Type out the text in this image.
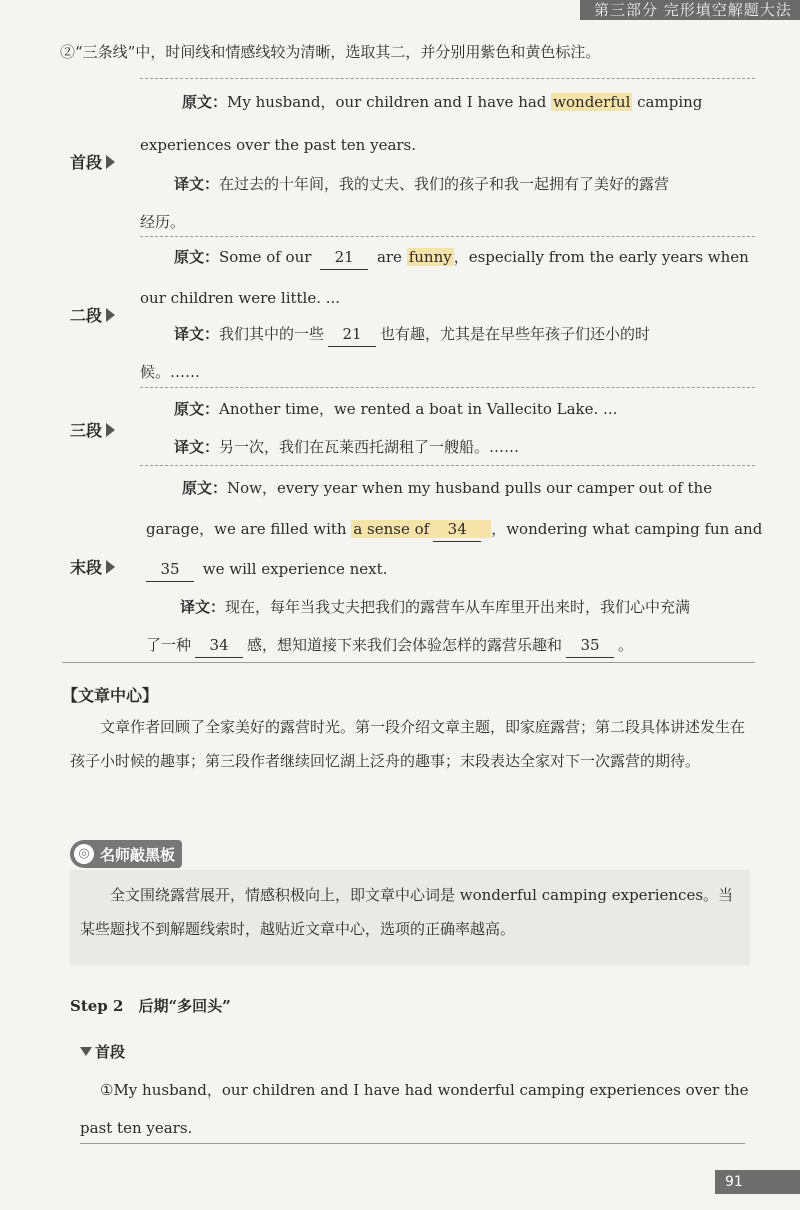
第三部分 完形填空解题大法
②“三条线”中，时间线和情感线较为清晰，选取其二，并分别用紫色和黄色标注。
首段
原文：My husband，our children and I have had wonderful camping
experiences over the past ten years.
译文：在过去的十年间，我的丈夫、我们的孩子和我一起拥有了美好的露营
经历。
二段
原文：Some of our 21 are funny ，especially from the early years when
our children were little. ...
译文：我们其中的一些 21 也有趣，尤其是在早些年孩子们还小的时
候。……
三段
原文：Another time，we rented a boat in Vallecito Lake. ...
译文：另一次，我们在瓦莱西托湖租了一艘船。……
末段
原文：Now，every year when my husband pulls our camper out of the
garage，we are filled with a sense of 34 ，wondering what camping fun and
35 we will experience next.
译文：现在，每年当我丈夫把我们的露营车从车库里开出来时，我们心中充满
了一种 34 感，想知道接下来我们会体验怎样的露营乐趣和 35 。
【文章中心】
文章作者回顾了全家美好的露营时光。第一段介绍文章主题，即家庭露营；第二段具体讲述发生在孩子小时候的趣事；第三段作者继续回忆湖上泛舟的趣事；末段表达全家对下一次露营的期待。
◎ 名师敲黑板
全文围绕露营展开，情感积极向上，即文章中心词是 wonderful camping experiences。当某些题找不到解题线索时，越贴近文章中心，选项的正确率越高。
Step 2　后期“多回头”
首段
①My husband，our children and I have had wonderful camping experiences over the
past ten years.
91
